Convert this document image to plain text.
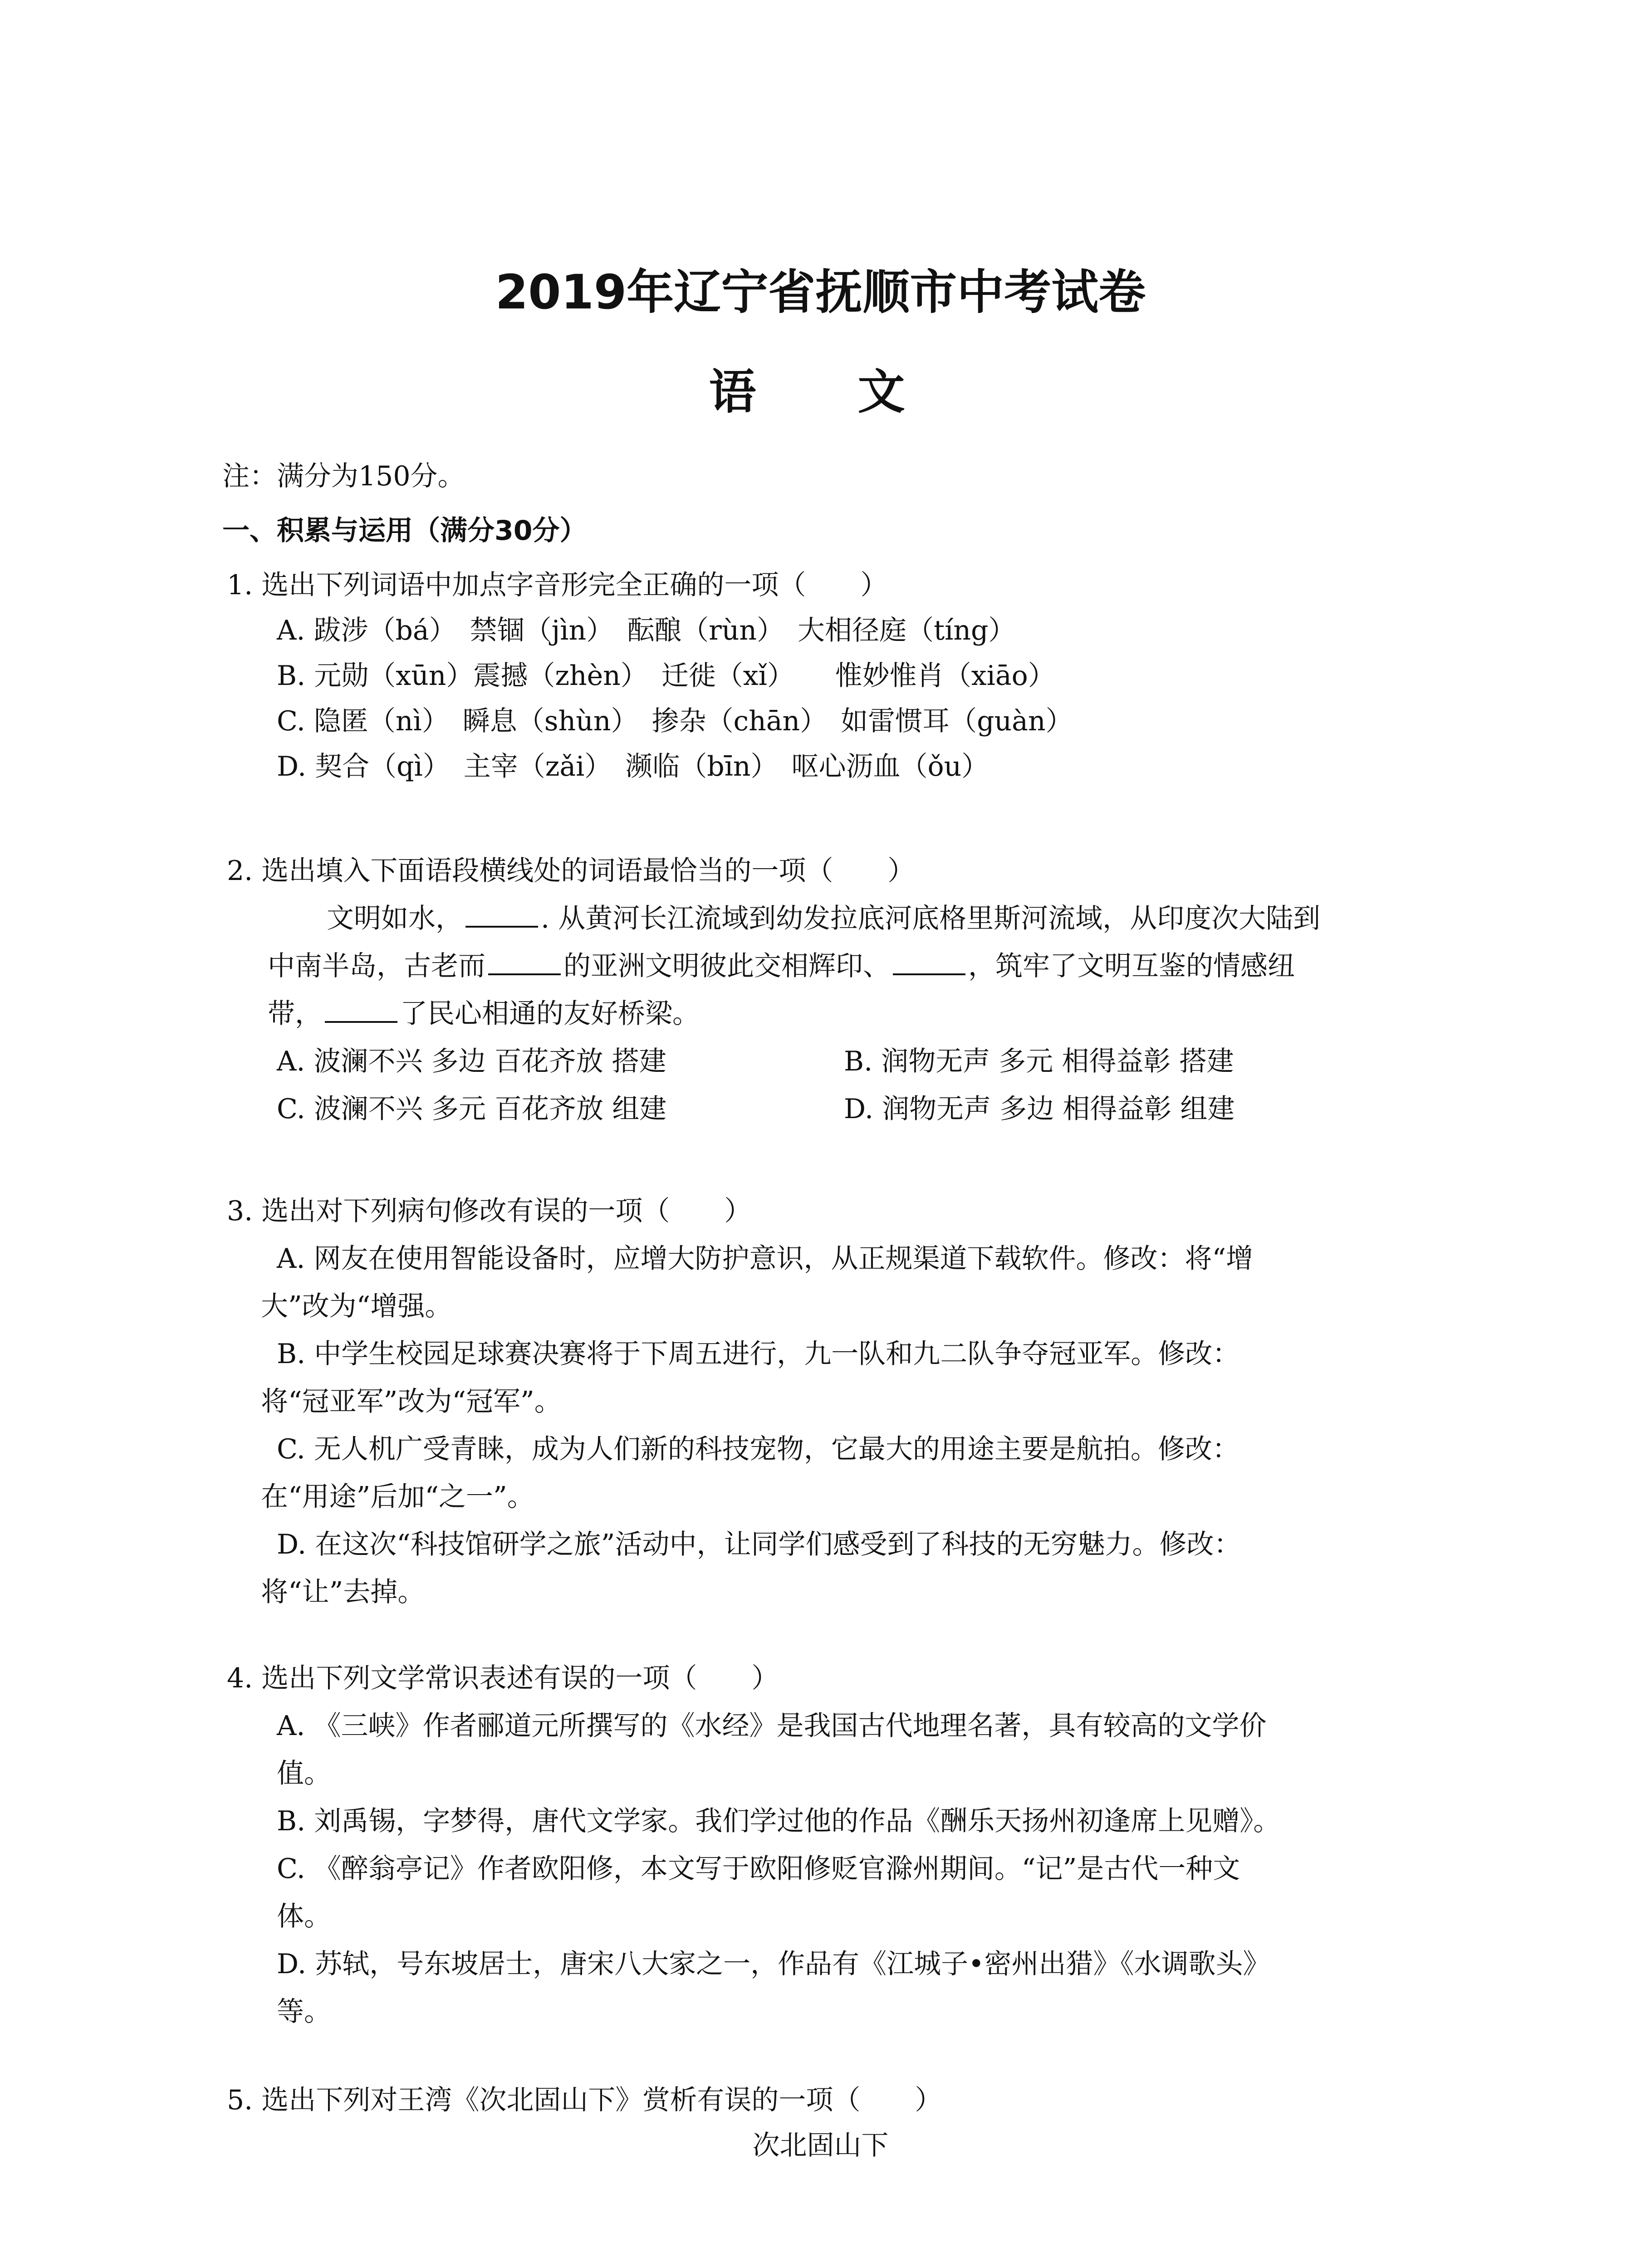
2019年辽宁省抚顺市中考试卷
语　文
注：满分为150分。
一、积累与运用（满分30分）
1. 选出下列词语中加点字音形完全正确的一项（　　）
A. 跋涉（bá）　禁锢（jìn）　酝酿（rùn）　大相径庭（tíng）
B. 元勋（xūn）震撼（zhèn）　迁徙（xǐ）　　惟妙惟肖（xiāo）
C. 隐匿（nì）　瞬息（shùn）　掺杂（chān）　如雷惯耳（guàn）
D. 契合（qì）　主宰（zǎi）　濒临（bīn）　呕心沥血（ǒu）
2. 选出填入下面语段横线处的词语最恰当的一项（　　）
文明如水，	. 从黄河长江流域到幼发拉底河底格里斯河流域，从印度次大陆到
中南半岛，古老而	的亚洲文明彼此交相辉印、	，筑牢了文明互鉴的情感纽
带，	了民心相通的友好桥梁。
A. 波澜不兴 多边 百花齐放 搭建	B. 润物无声 多元 相得益彰 搭建
C. 波澜不兴 多元 百花齐放 组建	D. 润物无声 多边 相得益彰 组建
3. 选出对下列病句修改有误的一项（　　）
A. 网友在使用智能设备时，应增大防护意识，从正规渠道下载软件。修改：将“增
大”改为“增强。
B. 中学生校园足球赛决赛将于下周五进行，九一队和九二队争夺冠亚军。修改：
将“冠亚军”改为“冠军”。
C. 无人机广受青睐，成为人们新的科技宠物，它最大的用途主要是航拍。修改：
在“用途”后加“之一”。
D. 在这次“科技馆研学之旅”活动中，让同学们感受到了科技的无穷魅力。修改：
将“让”去掉。
4. 选出下列文学常识表述有误的一项（　　）
A. 《三峡》作者郦道元所撰写的《水经》是我国古代地理名著，具有较高的文学价
值。
B. 刘禹锡，字梦得，唐代文学家。我们学过他的作品《酬乐天扬州初逢席上见赠》。
C. 《醉翁亭记》作者欧阳修，本文写于欧阳修贬官滁州期间。“记”是古代一种文
体。
D. 苏轼，号东坡居士，唐宋八大家之一，作品有《江城子•密州出猎》《水调歌头》
等。
5. 选出下列对王湾《次北固山下》赏析有误的一项（　　）
次北固山下
